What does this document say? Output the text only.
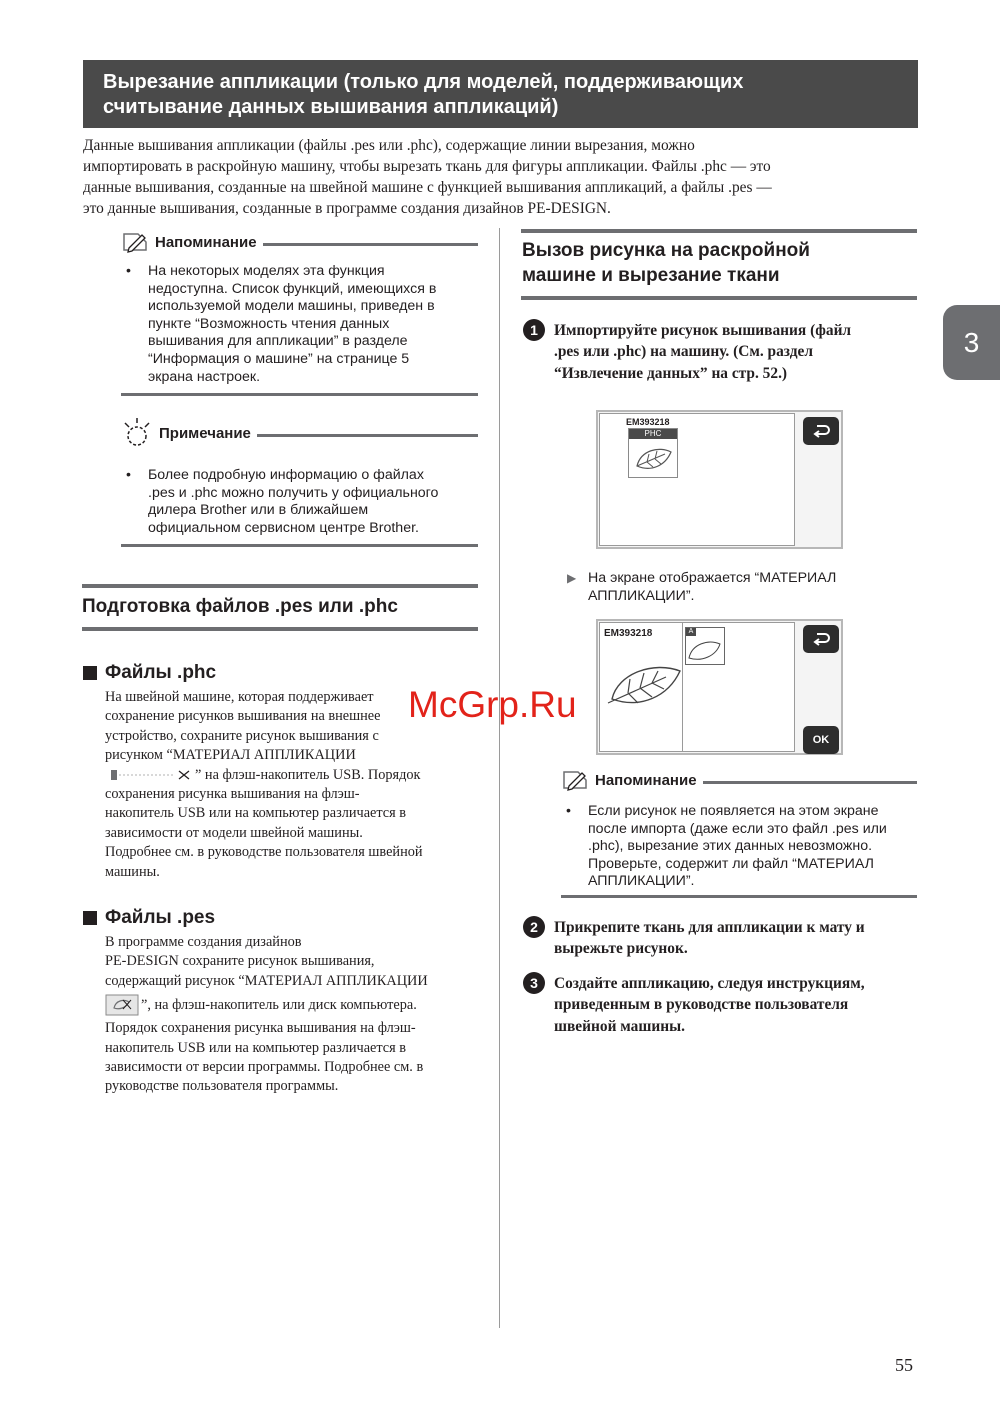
Вырезание аппликации (только для моделей, поддерживающих
считывание данных вышивания аппликаций)
Данные вышивания аппликации (файлы .pes или .phc), содержащие линии вырезания, можно
импортировать в раскройную машину, чтобы вырезать ткань для фигуры аппликации. Файлы .phc — это
данные вышивания, созданные на швейной машине с функцией вышивания аппликаций, а файлы .pes —
это данные вышивания, созданные в программе создания дизайнов PE-DESIGN.
3
Напоминание
• На некоторых моделях эта функция
недоступна. Список функций, имеющихся в
используемой модели машины, приведен в
пункте “Возможность чтения данных
вышивания для аппликации” в разделе
“Информация о машине” на странице 5
экрана настроек.
Примечание
• Более подробную информацию о файлах
.pes и .phc можно получить у официального
дилера Brother или в ближайшем
официальном сервисном центре Brother.
Подготовка файлов .pes или .phc
Файлы .phc
На швейной машине, которая поддерживает
сохранение рисунков вышивания на внешнее
устройство, сохраните рисунок вышивания с
рисунком “МАТЕРИАЛ АППЛИКАЦИИ
” на флэш-накопитель USB. Порядок
сохранения рисунка вышивания на флэш-
накопитель USB или на компьютер различается в
зависимости от модели швейной машины.
Подробнее см. в руководстве пользователя швейной
машины.
Файлы .pes
В программе создания дизайнов
PE-DESIGN сохраните рисунок вышивания,
содержащий рисунок “МАТЕРИАЛ АППЛИКАЦИИ
”, на флэш-накопитель или диск компьютера.
Порядок сохранения рисунка вышивания на флэш-
накопитель USB или на компьютер различается в
зависимости от версии программы. Подробнее см. в
руководстве пользователя программы.
Вызов рисунка на раскройной
машине и вырезание ткани
1	Импортируйте рисунок вышивания (файл
.pes или .phc) на машину. (См. раздел
“Извлечение данных” на стр. 52.)
EM393218
PHC
▶ На экране отображается “МАТЕРИАЛ
АППЛИКАЦИИ”.
EM393218	A
OK
Напоминание
• Если рисунок не появляется на этом экране
после импорта (даже если это файл .pes или
.phc), вырезание этих данных невозможно.
Проверьте, содержит ли файл “МАТЕРИАЛ
АППЛИКАЦИИ”.
2	Прикрепите ткань для аппликации к мату и
вырежьте рисунок.
3	Создайте аппликацию, следуя инструкциям,
приведенным в руководстве пользователя
швейной машины.
McGrp.Ru
55
